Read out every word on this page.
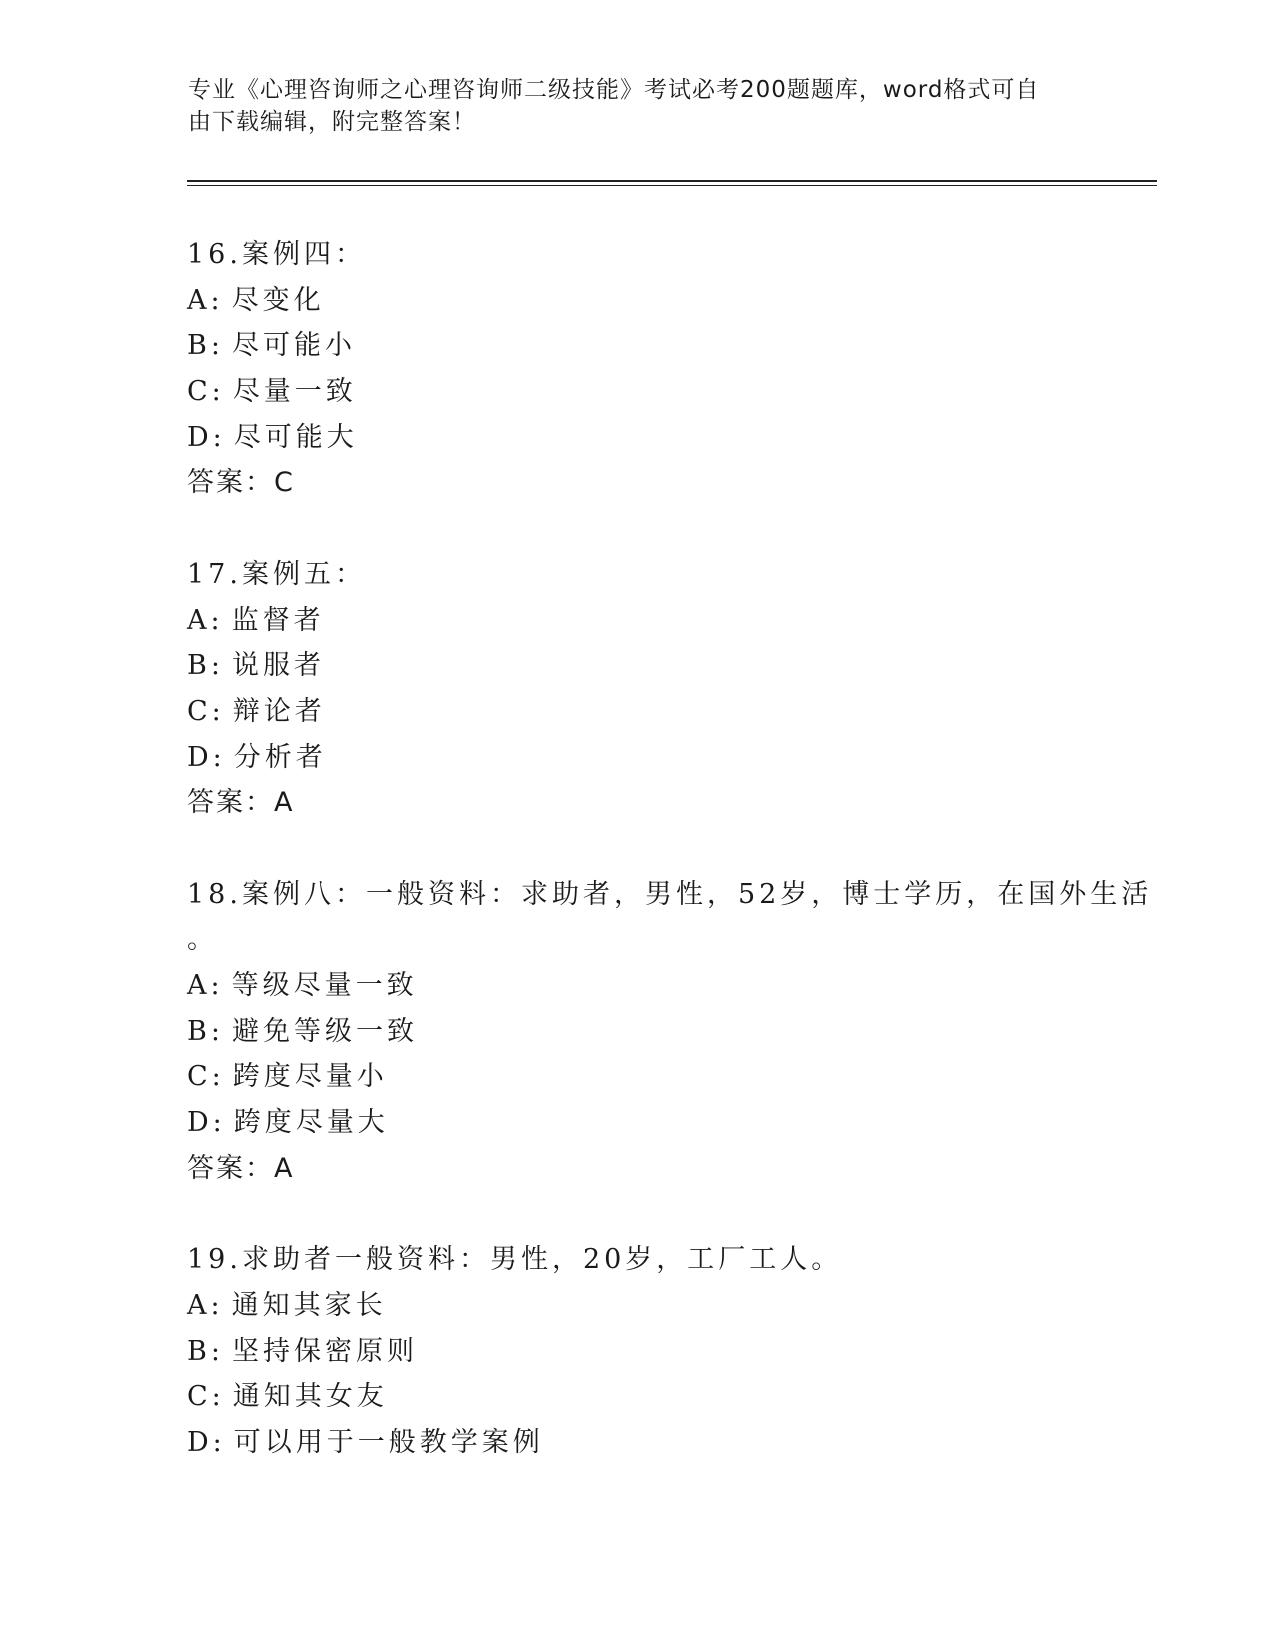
专业《心理咨询师之心理咨询师二级技能》考试必考200题题库，word格式可自
由下载编辑，附完整答案！
16.案例四：
A: 尽变化
B: 尽可能小
C: 尽量一致
D: 尽可能大
答案：C
17.案例五：
A: 监督者
B: 说服者
C: 辩论者
D: 分析者
答案：A
18.案例八：一般资料：求助者，男性，52岁，博士学历，在国外生活
。
A: 等级尽量一致
B: 避免等级一致
C: 跨度尽量小
D: 跨度尽量大
答案：A
19.求助者一般资料：男性，20岁，工厂工人。
A: 通知其家长
B: 坚持保密原则
C: 通知其女友
D: 可以用于一般教学案例
